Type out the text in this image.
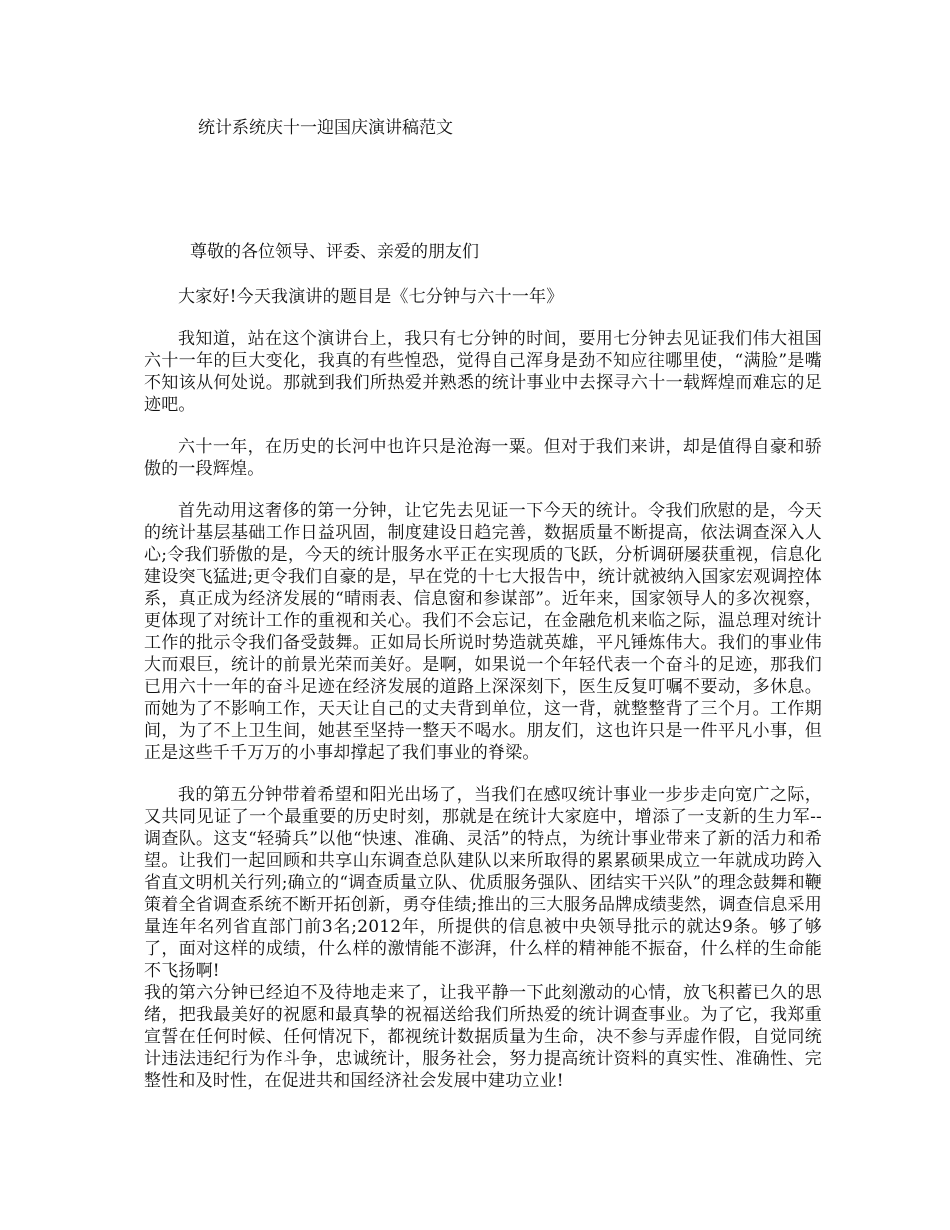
统计系统庆十一迎国庆演讲稿范文
尊敬的各位领导、评委、亲爱的朋友们

大家好!今天我演讲的题目是《七分钟与六十一年》

我知道，站在这个演讲台上，我只有七分钟的时间，要用七分钟去见证我们伟大祖国六十一年的巨大变化，我真的有些惶恐，觉得自己浑身是劲不知应往哪里使，“满脸”是嘴不知该从何处说。那就到我们所热爱并熟悉的统计事业中去探寻六十一载辉煌而难忘的足迹吧。

六十一年，在历史的长河中也许只是沧海一粟。但对于我们来讲，却是值得自豪和骄傲的一段辉煌。

首先动用这奢侈的第一分钟，让它先去见证一下今天的统计。令我们欣慰的是，今天的统计基层基础工作日益巩固，制度建设日趋完善，数据质量不断提高，依法调查深入人心;令我们骄傲的是，今天的统计服务水平正在实现质的飞跃，分析调研屡获重视，信息化建设突飞猛进;更令我们自豪的是，早在党的十七大报告中，统计就被纳入国家宏观调控体系，真正成为经济发展的“晴雨表、信息窗和参谋部”。近年来，国家领导人的多次视察，更体现了对统计工作的重视和关心。我们不会忘记，在金融危机来临之际，温总理对统计工作的批示令我们备受鼓舞。正如局长所说时势造就英雄，平凡锤炼伟大。我们的事业伟大而艰巨，统计的前景光荣而美好。是啊，如果说一个年轻代表一个奋斗的足迹，那我们已用六十一年的奋斗足迹在经济发展的道路上深深刻下，医生反复叮嘱不要动，多休息。而她为了不影响工作，天天让自己的丈夫背到单位，这一背，就整整背了三个月。工作期间，为了不上卫生间，她甚至坚持一整天不喝水。朋友们，这也许只是一件平凡小事，但正是这些千千万万的小事却撑起了我们事业的脊梁。

我的第五分钟带着希望和阳光出场了，当我们在感叹统计事业一步步走向宽广之际，又共同见证了一个最重要的历史时刻，那就是在统计大家庭中，增添了一支新的生力军--调查队。这支“轻骑兵”以他“快速、准确、灵活”的特点，为统计事业带来了新的活力和希望。让我们一起回顾和共享山东调查总队建队以来所取得的累累硕果成立一年就成功跨入省直文明机关行列;确立的“调查质量立队、优质服务强队、团结实干兴队”的理念鼓舞和鞭策着全省调查系统不断开拓创新，勇夺佳绩;推出的三大服务品牌成绩斐然，调查信息采用量连年名列省直部门前3名;2012年，所提供的信息被中央领导批示的就达9条。够了够了，面对这样的成绩，什么样的激情能不澎湃，什么样的精神能不振奋，什么样的生命能不飞扬啊!

我的第六分钟已经迫不及待地走来了，让我平静一下此刻激动的心情，放飞积蓄已久的思绪，把我最美好的祝愿和最真挚的祝福送给我们所热爱的统计调查事业。为了它，我郑重宣誓在任何时候、任何情况下，都视统计数据质量为生命，决不参与弄虚作假，自觉同统计违法违纪行为作斗争，忠诚统计，服务社会，努力提高统计资料的真实性、准确性、完整性和及时性，在促进共和国经济社会发展中建功立业!
